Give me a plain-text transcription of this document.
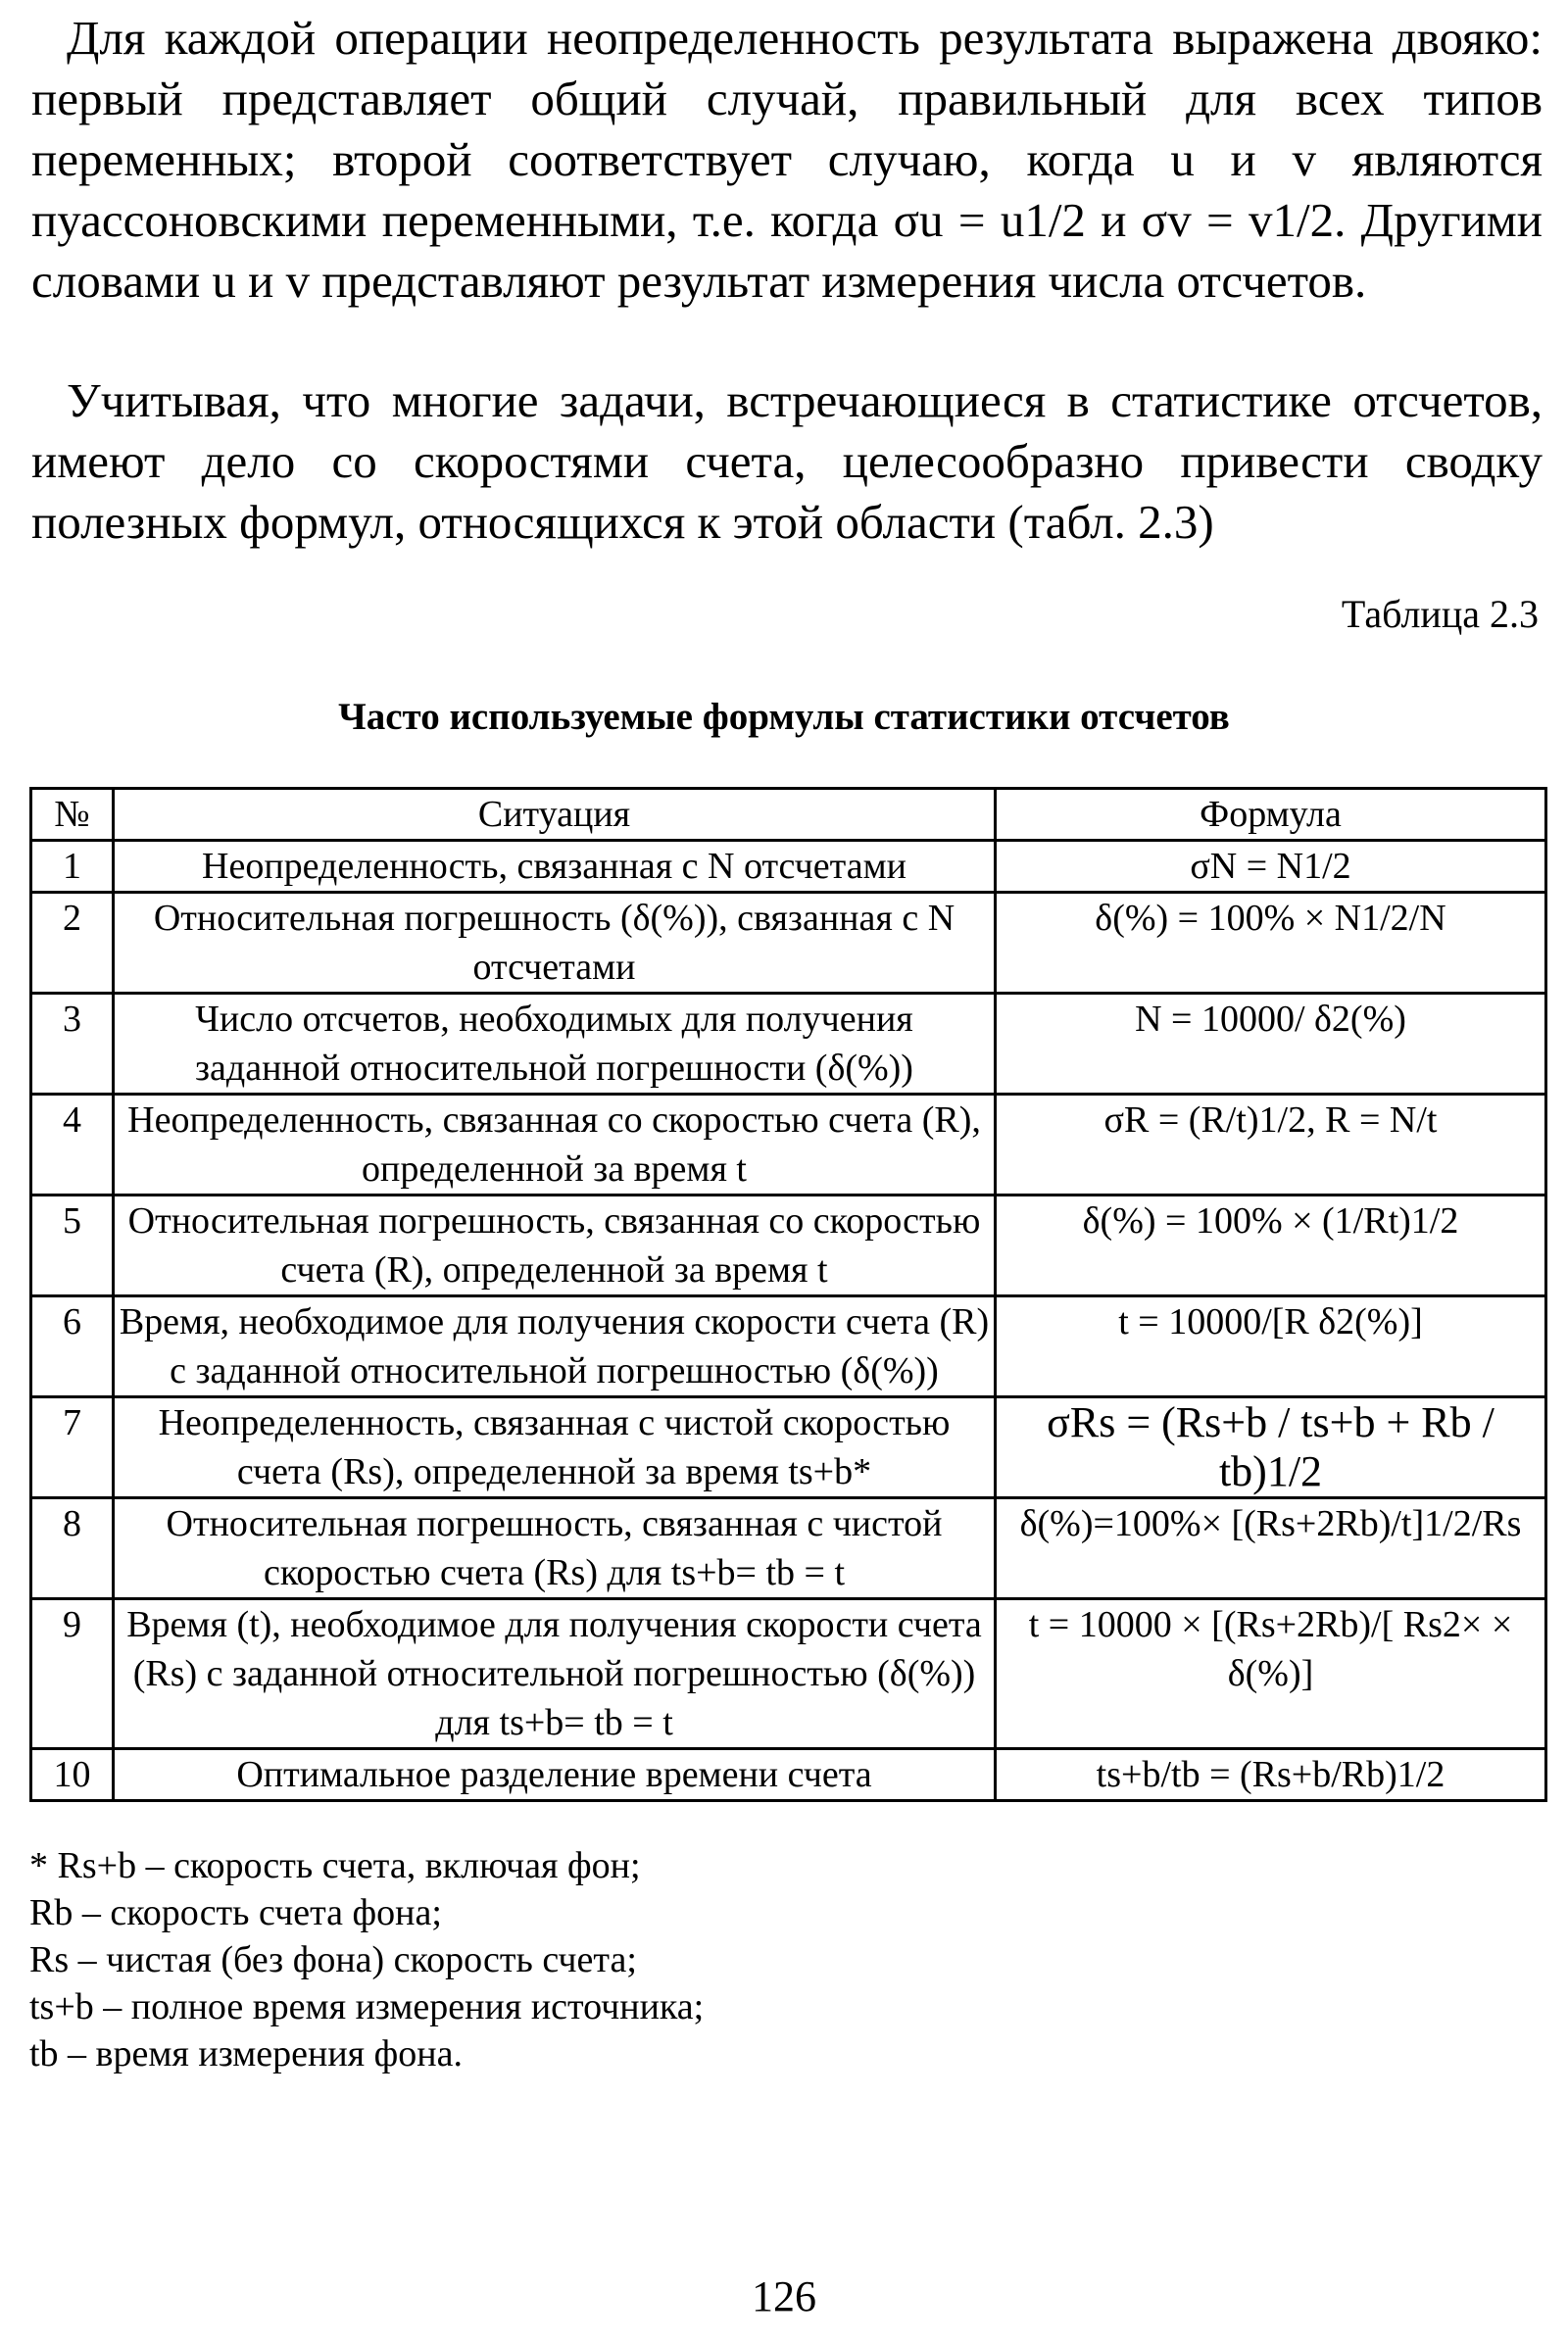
Для каждой операции неопределенность результата выражена двояко: первый представляет общий случай, правильный для всех типов переменных; второй соответствует случаю, когда u и v являются пуассоновскими переменными, т.е. когда σu = u1/2 и σv = v1/2. Другими словами u и v представляют результат измерения числа отсчетов.

Учитывая, что многие задачи, встречающиеся в статистике отсчетов, имеют дело со скоростями счета, целесообразно привести сводку полезных формул, относящихся к этой области (табл. 2.3)

Таблица 2.3
Часто используемые формулы статистики отсчетов
№	Ситуация	Формула
1	Неопределенность, связанная с N отсчетами	σN = N1/2
2	Относительная погрешность (δ(%)), связанная с N отсчетами	δ(%) = 100% × N1/2/N
3	Число отсчетов, необходимых для получения заданной относительной погрешности (δ(%))	N = 10000/ δ2(%)
4	Неопределенность, связанная со скоростью счета (R), определенной за время t	σR = (R/t)1/2, R = N/t
5	Относительная погрешность, связанная со скоростью счета (R), определенной за время t	δ(%) = 100% × (1/Rt)1/2
6	Время, необходимое для получения скорости счета (R) с заданной относительной погрешностью (δ(%))	t = 10000/[R δ2(%)]
7	Неопределенность, связанная с чистой скоростью счета (Rs), определенной за время ts+b*	σRs = (Rs+b / ts+b + Rb / tb)1/2
8	Относительная погрешность, связанная с чистой скоростью счета (Rs) для ts+b= tb = t	δ(%)=100%× [(Rs+2Rb)/t]1/2/Rs
9	Время (t), необходимое для получения скорости счета (Rs) с заданной относительной погрешностью (δ(%)) для ts+b= tb = t	t = 10000 × [(Rs+2Rb)/[ Rs2× × δ(%)]
10	Оптимальное разделение времени счета	ts+b/tb = (Rs+b/Rb)1/2
* Rs+b – скорость счета, включая фон;
Rb – скорость счета фона;
Rs – чистая (без фона) скорость счета;
ts+b – полное время измерения источника;
tb – время измерения фона.
126
